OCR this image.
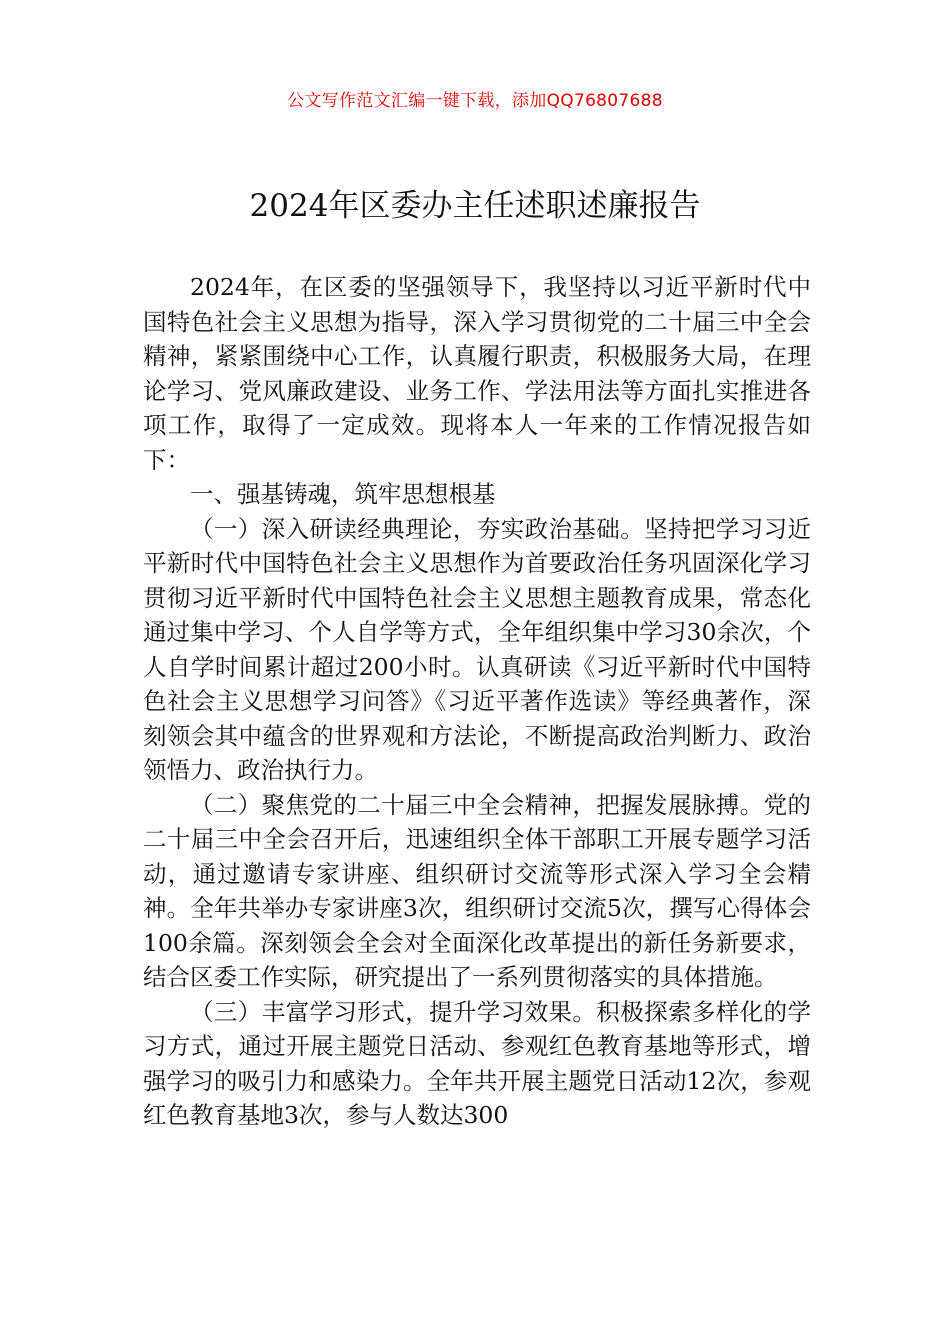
公文写作范文汇编一键下载，添加QQ76807688
2024年区委办主任述职述廉报告

2024年，在区委的坚强领导下，我坚持以习近平新时代中国特色社会主义思想为指导，深入学习贯彻党的二十届三中全会精神，紧紧围绕中心工作，认真履行职责，积极服务大局，在理论学习、党风廉政建设、业务工作、学法用法等方面扎实推进各项工作，取得了一定成效。现将本人一年来的工作情况报告如下：

一、强基铸魂，筑牢思想根基

（一）深入研读经典理论，夯实政治基础。坚持把学习习近平新时代中国特色社会主义思想作为首要政治任务巩固深化学习贯彻习近平新时代中国特色社会主义思想主题教育成果，常态化通过集中学习、个人自学等方式，全年组织集中学习30余次，个人自学时间累计超过200小时。认真研读《习近平新时代中国特色社会主义思想学习问答》《习近平著作选读》等经典著作，深刻领会其中蕴含的世界观和方法论，不断提高政治判断力、政治领悟力、政治执行力。

（二）聚焦党的二十届三中全会精神，把握发展脉搏。党的二十届三中全会召开后，迅速组织全体干部职工开展专题学习活动，通过邀请专家讲座、组织研讨交流等形式深入学习全会精神。全年共举办专家讲座3次，组织研讨交流5次，撰写心得体会100余篇。深刻领会全会对全面深化改革提出的新任务新要求，结合区委工作实际，研究提出了一系列贯彻落实的具体措施。

（三）丰富学习形式，提升学习效果。积极探索多样化的学习方式，通过开展主题党日活动、参观红色教育基地等形式，增强学习的吸引力和感染力。全年共开展主题党日活动12次，参观红色教育基地3次，参与人数达300
